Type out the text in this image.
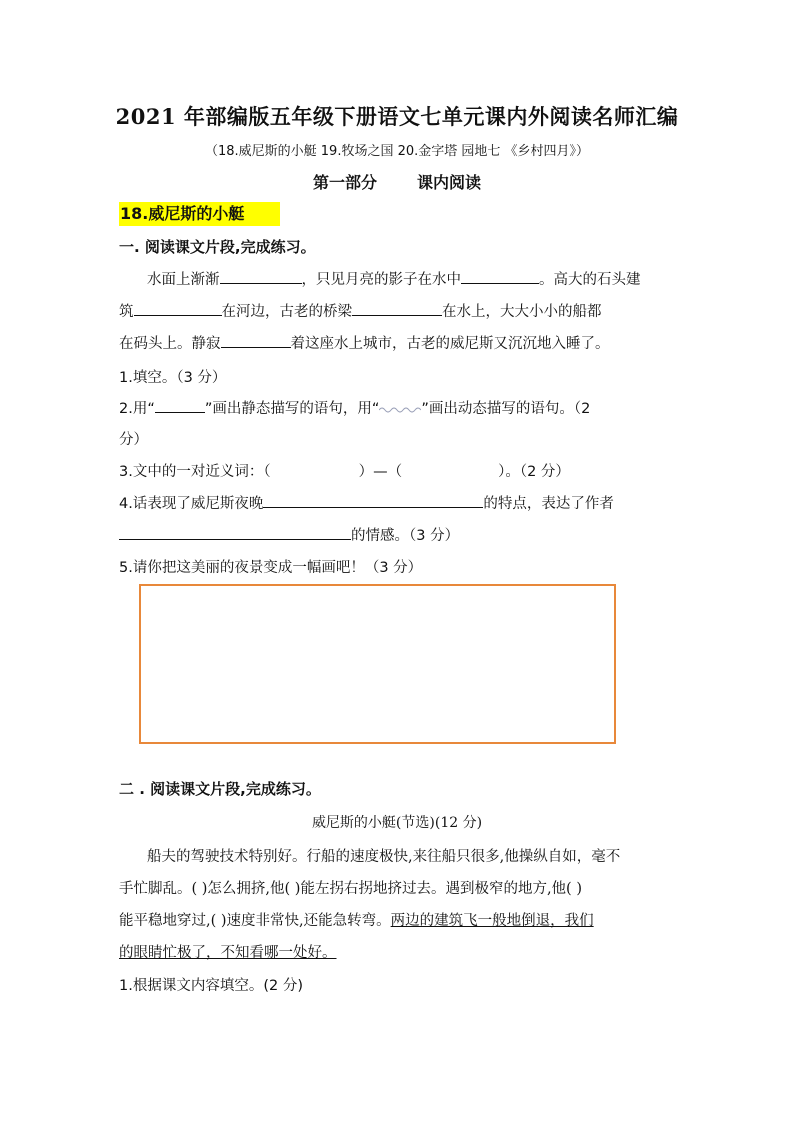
2021 年部编版五年级下册语文七单元课内外阅读名师汇编
（18.威尼斯的小艇 19.牧场之国 20.金字塔 园地七 《乡村四月》）
第一部分	课内阅读
18.威尼斯的小艇
一. 阅读课文片段,完成练习。
水面上渐渐	，只见月亮的影子在水中	。高大的石头建
筑	在河边，古老的桥梁	在水上，大大小小的船都
在码头上。静寂	着这座水上城市，古老的威尼斯又沉沉地入睡了。
1.填空。（3 分）
2.用“	”画出静态描写的语句，用“	”画出动态描写的语句。（2
分）
3.文中的一对近义词：（	）—（	）。（2 分）
4.话表现了威尼斯夜晚	的特点，表达了作者
的情感。（3 分）
5.请你把这美丽的夜景变成一幅画吧！（3 分）
二 . 阅读课文片段,完成练习。
威尼斯的小艇(节选)(12 分)
船夫的驾驶技术特别好。行船的速度极快,来往船只很多,他操纵自如，毫不
手忙脚乱。( )怎么拥挤,他( )能左拐右拐地挤过去。遇到极窄的地方,他( )
能平稳地穿过,( )速度非常快,还能急转弯。两边的建筑飞一般地倒退，我们
的眼睛忙极了，不知看哪一处好。
1.根据课文内容填空。(2 分)
